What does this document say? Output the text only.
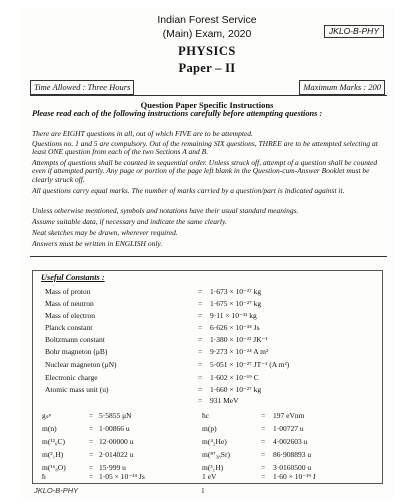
Indian Forest Service
(Main) Exam, 2020	JKLO-B-PHY
PHYSICS
Paper – II
Time Allowed : Three Hours	Maximum Marks : 200
Question Paper Specific Instructions
Please read each of the following instructions carefully before attempting questions :

There are EIGHT questions in all, out of which FIVE are to be attempted.

Questions no. 1 and 5 are compulsory. Out of the remaining SIX questions, THREE are to be attempted selecting at least ONE question from each of the two Sections A and B.

Attempts of questions shall be counted in sequential order. Unless struck off, attempt of a question shall be counted even if attempted partly. Any page or portion of the page left blank in the Question-cum-Answer Booklet must be clearly struck off.

All questions carry equal marks. The number of marks carried by a question/part is indicated against it.

Unless otherwise mentioned, symbols and notations have their usual standard meanings.

Assume suitable data, if necessary and indicate the same clearly.

Neat sketches may be drawn, wherever required.

Answers must be written in ENGLISH only.

Useful Constants :
Mass of proton	= 1·673 × 10⁻²⁷ kg
Mass of neutron	= 1·675 × 10⁻²⁷ kg
Mass of electron	= 9·11 × 10⁻³¹ kg
Planck constant	= 6·626 × 10⁻³⁴ Js
Boltzmann constant	= 1·380 × 10⁻²³ JK⁻¹
Bohr magneton (μB)	= 9·273 × 10⁻²⁴ A m²
Nuclear magneton (μN)	= 5·051 × 10⁻²⁷ JT⁻¹ (A m²)
Electronic charge	= 1·602 × 10⁻¹⁹ C
Atomic mass unit (u)	= 1·660 × 10⁻²⁷ kg
= 931 MeV
gₛᵖ	= 5·5855 μN	ħc	= 197 eVnm
m(n)	= 1·00866 u	m(p)	= 1·00727 u
m(¹²₆C)	= 12·00000 u	m(⁴₂He)	= 4·002603 u
m(²₁H)	= 2·014022 u	m(⁸⁷₃₈Sr)	= 86·908893 u
m(¹⁶₈O)	= 15·999 u	m(³₁H)	= 3·0160500 u
ħ	= 1·05 × 10⁻³⁴ Js	1 eV	= 1·60 × 10⁻¹⁹ J
JKLO-B-PHY	1
